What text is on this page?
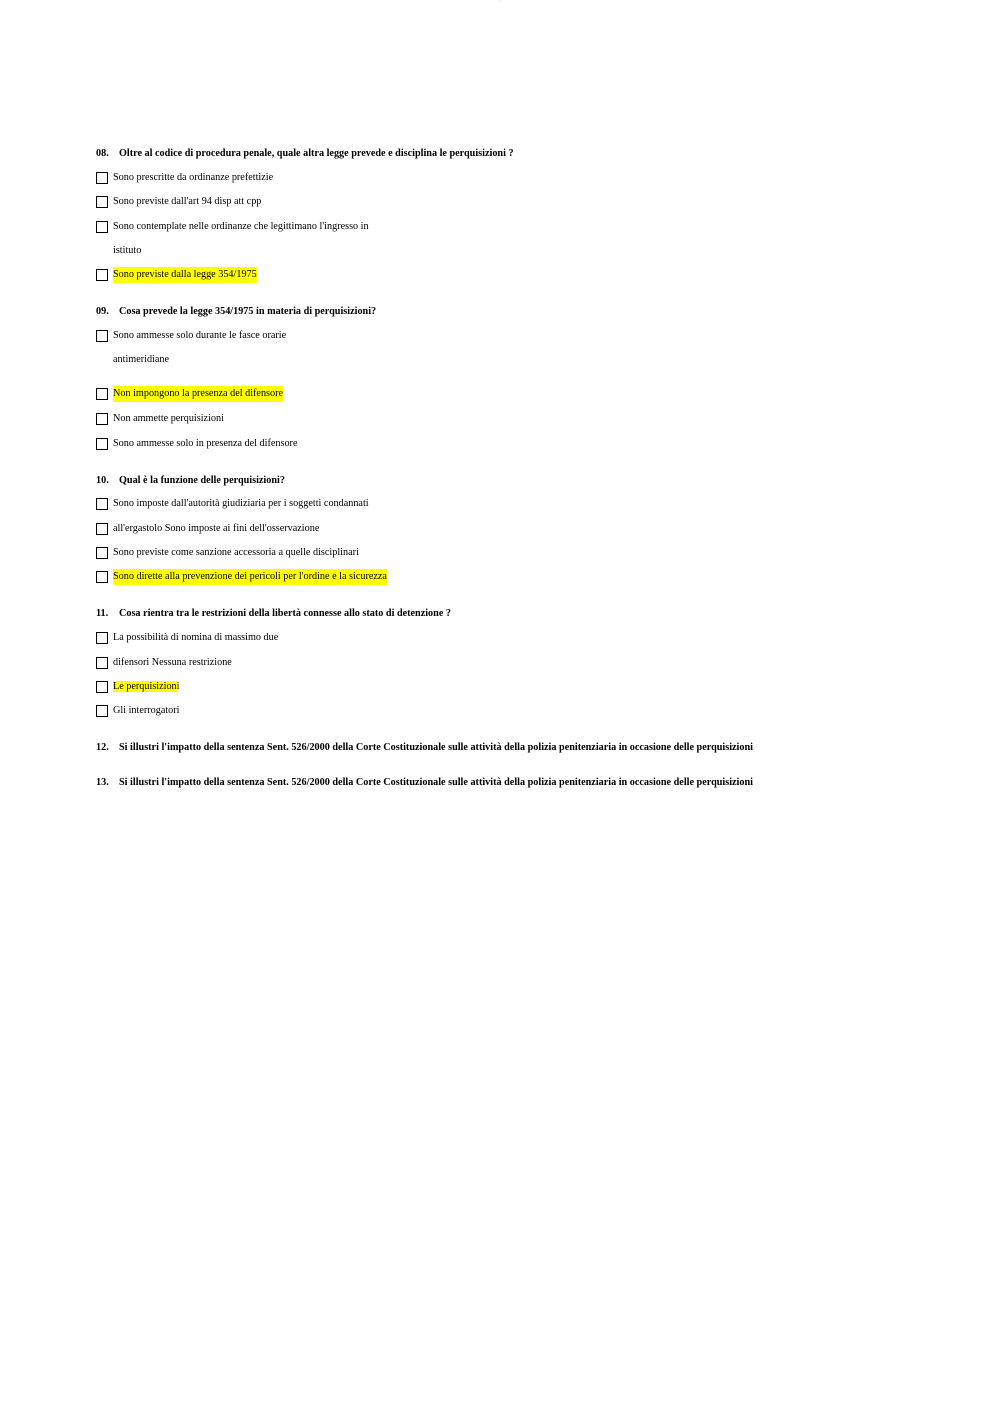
···
08. Oltre al codice di procedura penale, quale altra legge prevede e disciplina le perquisizioni ?
Sono prescritte da ordinanze prefettizie
Sono previste dall'art 94 disp att cpp
Sono contemplate nelle ordinanze che legittimano l'ingresso in
istituto
Sono previste dalla legge 354/1975
09. Cosa prevede la legge 354/1975 in materia di perquisizioni?
Sono ammesse solo durante le fasce orarie
antimeridiane
Non impongono la presenza del difensore
Non ammette perquisizioni
Sono ammesse solo in presenza del difensore
10. Qual è la funzione delle perquisizioni?
Sono imposte dall'autorità giudiziaria per i soggetti condannati
all'ergastolo Sono imposte ai fini dell'osservazione
Sono previste come sanzione accessoria a quelle disciplinari
Sono dirette alla prevenzione dei pericoli per l'ordine e la sicurezza
11. Cosa rientra tra le restrizioni della libertà connesse allo stato di detenzione ?
La possibilità di nomina di massimo due
difensori Nessuna restrizione
Le perquisizioni
Gli interrogatori
12. Si illustri l'impatto della sentenza Sent. 526/2000 della Corte Costituzionale sulle attività della polizia penitenziaria in occasione delle perquisizioni
13. Si illustri l'impatto della sentenza Sent. 526/2000 della Corte Costituzionale sulle attività della polizia penitenziaria in occasione delle perquisizioni
